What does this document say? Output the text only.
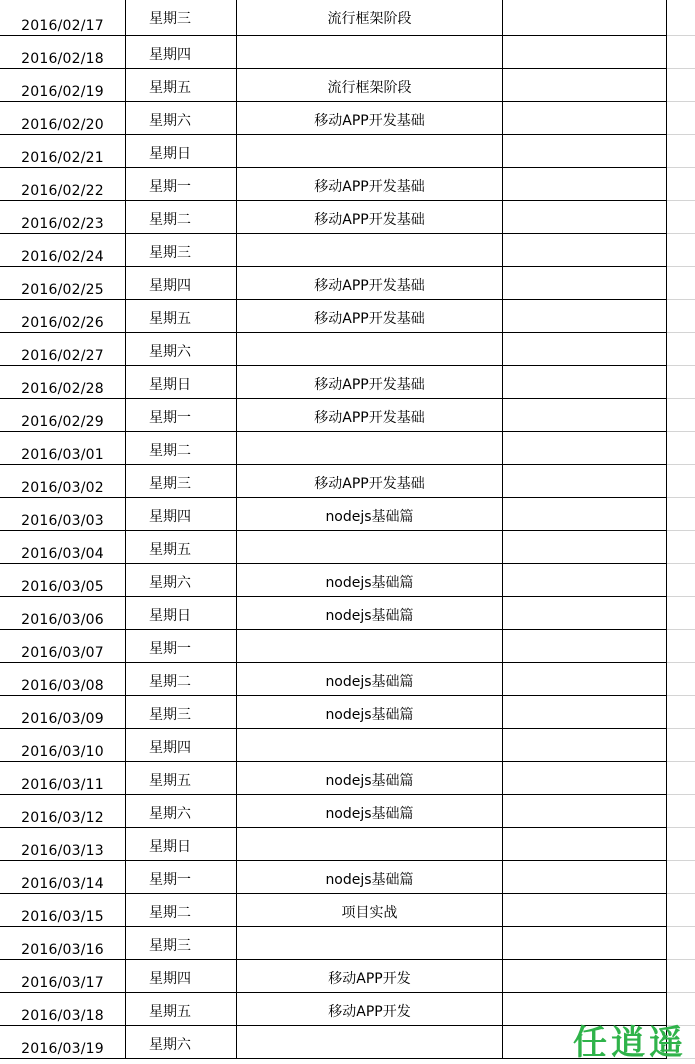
2016/02/17	星期三	流行框架阶段		
2016/02/18	星期四			
2016/02/19	星期五	流行框架阶段		
2016/02/20	星期六	移动APP开发基础		
2016/02/21	星期日			
2016/02/22	星期一	移动APP开发基础		
2016/02/23	星期二	移动APP开发基础		
2016/02/24	星期三			
2016/02/25	星期四	移动APP开发基础		
2016/02/26	星期五	移动APP开发基础		
2016/02/27	星期六			
2016/02/28	星期日	移动APP开发基础		
2016/02/29	星期一	移动APP开发基础		
2016/03/01	星期二			
2016/03/02	星期三	移动APP开发基础		
2016/03/03	星期四	nodejs基础篇		
2016/03/04	星期五			
2016/03/05	星期六	nodejs基础篇		
2016/03/06	星期日	nodejs基础篇		
2016/03/07	星期一			
2016/03/08	星期二	nodejs基础篇		
2016/03/09	星期三	nodejs基础篇		
2016/03/10	星期四			
2016/03/11	星期五	nodejs基础篇		
2016/03/12	星期六	nodejs基础篇		
2016/03/13	星期日			
2016/03/14	星期一	nodejs基础篇		
2016/03/15	星期二	项目实战		
2016/03/16	星期三			
2016/03/17	星期四	移动APP开发		
2016/03/18	星期五	移动APP开发		
2016/03/19	星期六				任逍遥
